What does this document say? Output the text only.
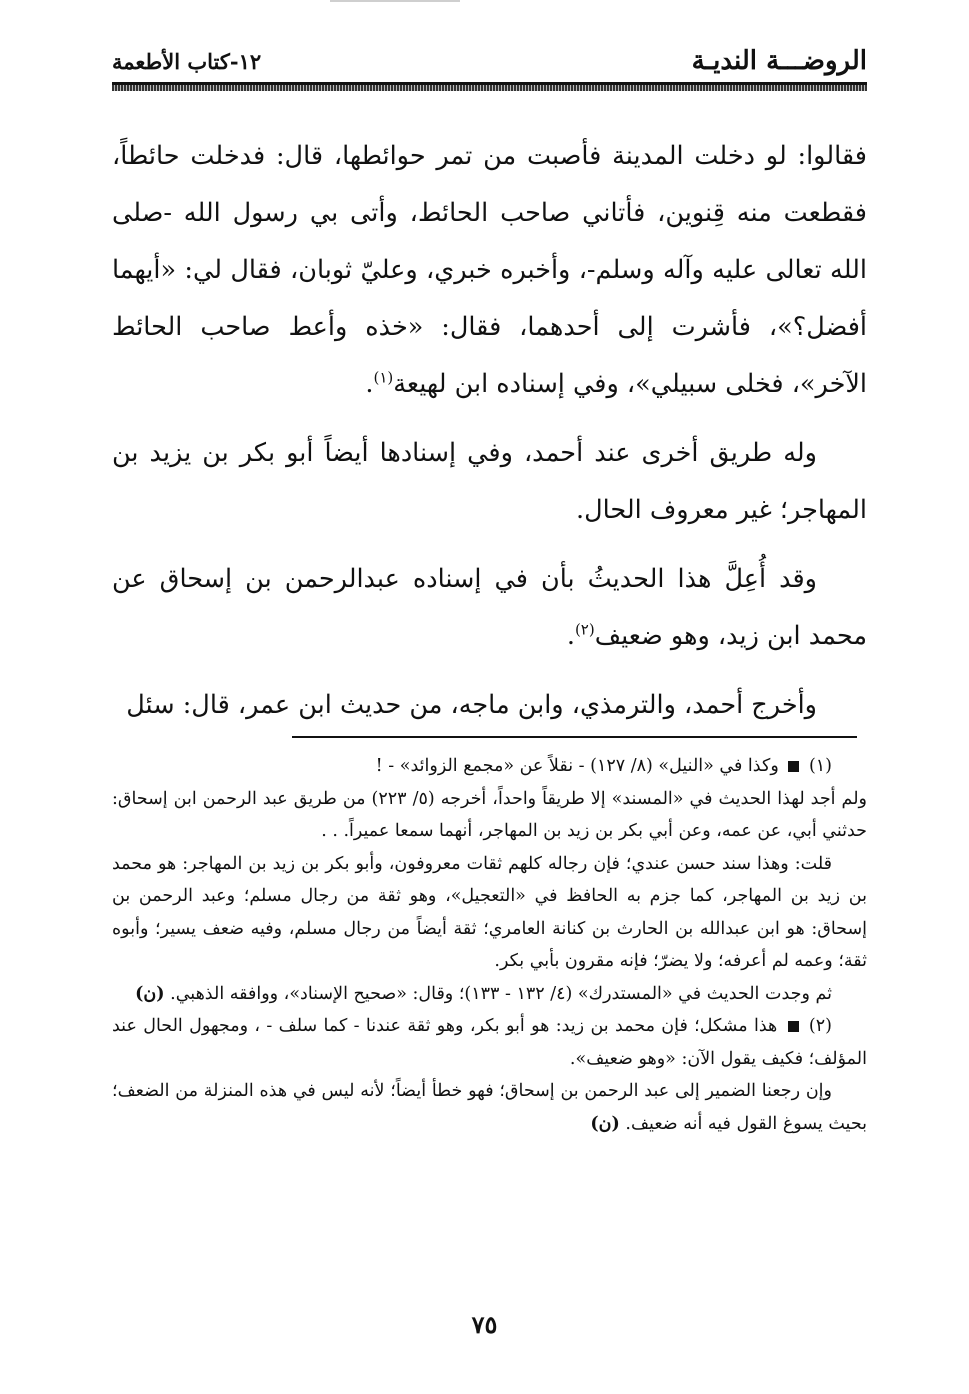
الروضـــة النديـة
١٢-كتاب الأطعمة

فقالوا: لو دخلت المدينة فأصبت من تمر حوائطها، قال: فدخلت حائطاً، فقطعت منه قِنوين، فأتاني صاحب الحائط، وأتى بي رسول الله -صلى الله تعالى عليه وآله وسلم-، وأخبره خبري، وعليّ ثوبان، فقال لي: «أيهما أفضل؟»، فأشرت إلى أحدهما، فقال: «خذه وأعط صاحب الحائط الآخر»، فخلى سبيلي»، وفي إسناده ابن لهيعة$^{(١)}$.

وله طريق أخرى عند أحمد، وفي إسنادها أيضاً أبو بكر بن يزيد بن المهاجر؛ غير معروف الحال.

وقد أُعِلَّ هذا الحديثُ بأن في إسناده عبدالرحمن بن إسحاق عن محمد ابن زيد، وهو ضعيف$^{(٢)}$.

وأخرج أحمد، والترمذي، وابن ماجه، من حديث ابن عمر، قال: سئل

(١)  وكذا في «النيل» (٨/ ١٢٧) - نقلاً عن «مجمع الزوائد» - !

ولم أجد لهذا الحديث في «المسند» إلا طريقاً واحداً، أخرجه (٥/ ٢٢٣) من طريق عبد الرحمن ابن إسحاق: حدثني أبي، عن عمه، وعن أبي بكر بن زيد بن المهاجر، أنهما سمعا عميراً. . .

قلت: وهذا سند حسن عندي؛ فإن رجاله كلهم ثقات معروفون، وأبو بكر بن زيد بن المهاجر: هو محمد بن زيد بن المهاجر، كما جزم به الحافظ في «التعجيل»، وهو ثقة من رجال مسلم؛ وعبد الرحمن بن إسحاق: هو ابن عبدالله بن الحارث بن كنانة العامري؛ ثقة أيضاً من رجال مسلم، وفيه ضعف يسير؛ وأبوه ثقة؛ وعمه لم أعرفه؛ ولا يضرّ؛ فإنه مقرون بأبي بكر.

ثم وجدت الحديث في «المستدرك» (٤/ ١٣٢ - ١٣٣)؛ وقال: «صحيح الإسناد»، ووافقه الذهبي. (ن)

(٢)  هذا مشكل؛ فإن محمد بن زيد: هو أبو بكر، وهو ثقة عندنا - كما سلف - ، ومجهول الحال عند المؤلف؛ فكيف يقول الآن: «وهو ضعيف».

وإن رجعنا الضمير إلى عبد الرحمن بن إسحاق؛ فهو خطأ أيضاً؛ لأنه ليس في هذه المنزلة من الضعف؛ بحيث يسوغ القول فيه أنه ضعيف. (ن)

٧٥
